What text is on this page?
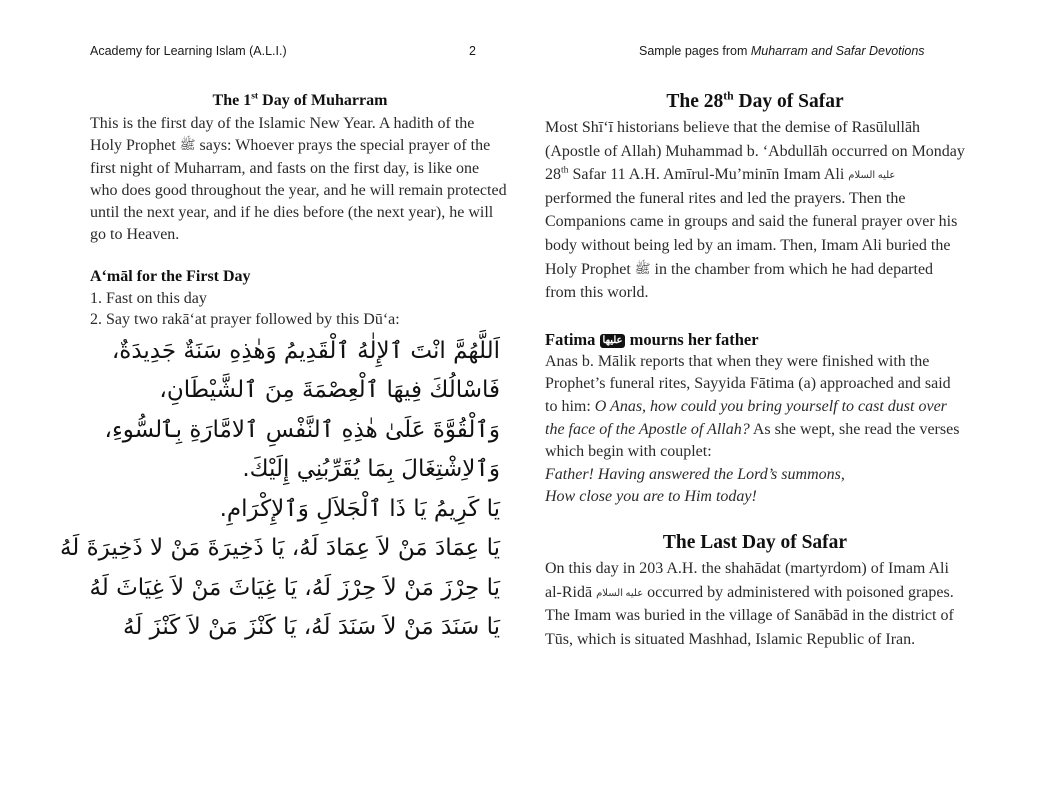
Academy for Learning Islam (A.L.I.)	2	Sample pages from Muharram and Safar Devotions
The 1st Day of Muharram

This is the first day of the Islamic New Year. A hadith of the Holy Prophet ﷺ says: Whoever prays the special prayer of the first night of Muharram, and fasts on the first day, is like one who does good throughout the year, and he will remain protected until the next year, and if he dies before (the next year), he will go to Heaven.

A‘māl for the First Day
1. Fast on this day
2. Say two rakā‘at prayer followed by this Dū‘a:
اَللَّهُمَّ انْتَ ٱلإِلٰهُ ٱلْقَدِيمُ وَهٰذِهِ سَنَةٌ جَدِيدَةٌ،
فَاسْالُكَ فِيهَا ٱلْعِصْمَةَ مِنَ ٱلشَّيْطَانِ،
وَٱلْقُوَّةَ عَلَىٰ هٰذِهِ ٱلنَّفْسِ ٱلامَّارَةِ بِٱلسُّوءِ،
وَٱلاِشْتِغَالَ بِمَا يُقَرِّبُنِي إِلَيْكَ.
يَا كَرِيمُ يَا ذَا ٱلْجَلاَلِ وَٱلإِكْرَامِ.
يَا عِمَادَ مَنْ لاَ عِمَادَ لَهُ، يَا ذَخِيرَةَ مَنْ لا ذَخِيرَةَ لَهُ
يَا حِرْزَ مَنْ لاَ حِرْزَ لَهُ، يَا غِيَاثَ مَنْ لاَ غِيَاثَ لَهُ
يَا سَنَدَ مَنْ لاَ سَنَدَ لَهُ، يَا كَنْزَ مَنْ لاَ كَنْزَ لَهُ
The 28th Day of Safar

Most Shī‘ī historians believe that the demise of Rasūlullāh (Apostle of Allah) Muhammad b. ‘Abdullāh occurred on Monday 28th Safar 11 A.H. Amīrul-Mu’minīn Imam Ali عليه السلام performed the funeral rites and led the prayers. Then the Companions came in groups and said the funeral prayer over his body without being led by an imam. Then, Imam Ali buried the Holy Prophet ﷺ in the chamber from which he had departed from this world.

Fatima عليها mourns her father

Anas b. Mālik reports that when they were finished with the Prophet’s funeral rites, Sayyida Fātima (a) approached and said to him: O Anas, how could you bring yourself to cast dust over the face of the Apostle of Allah? As she wept, she read the verses which begin with couplet:
Father! Having answered the Lord’s summons,
How close you are to Him today!

The Last Day of Safar

On this day in 203 A.H. the shahādat (martyrdom) of Imam Ali al-Ridā عليه السلام occurred by administered with poisoned grapes. The Imam was buried in the village of Sanābād in the district of Tūs, which is situated Mashhad, Islamic Republic of Iran.
